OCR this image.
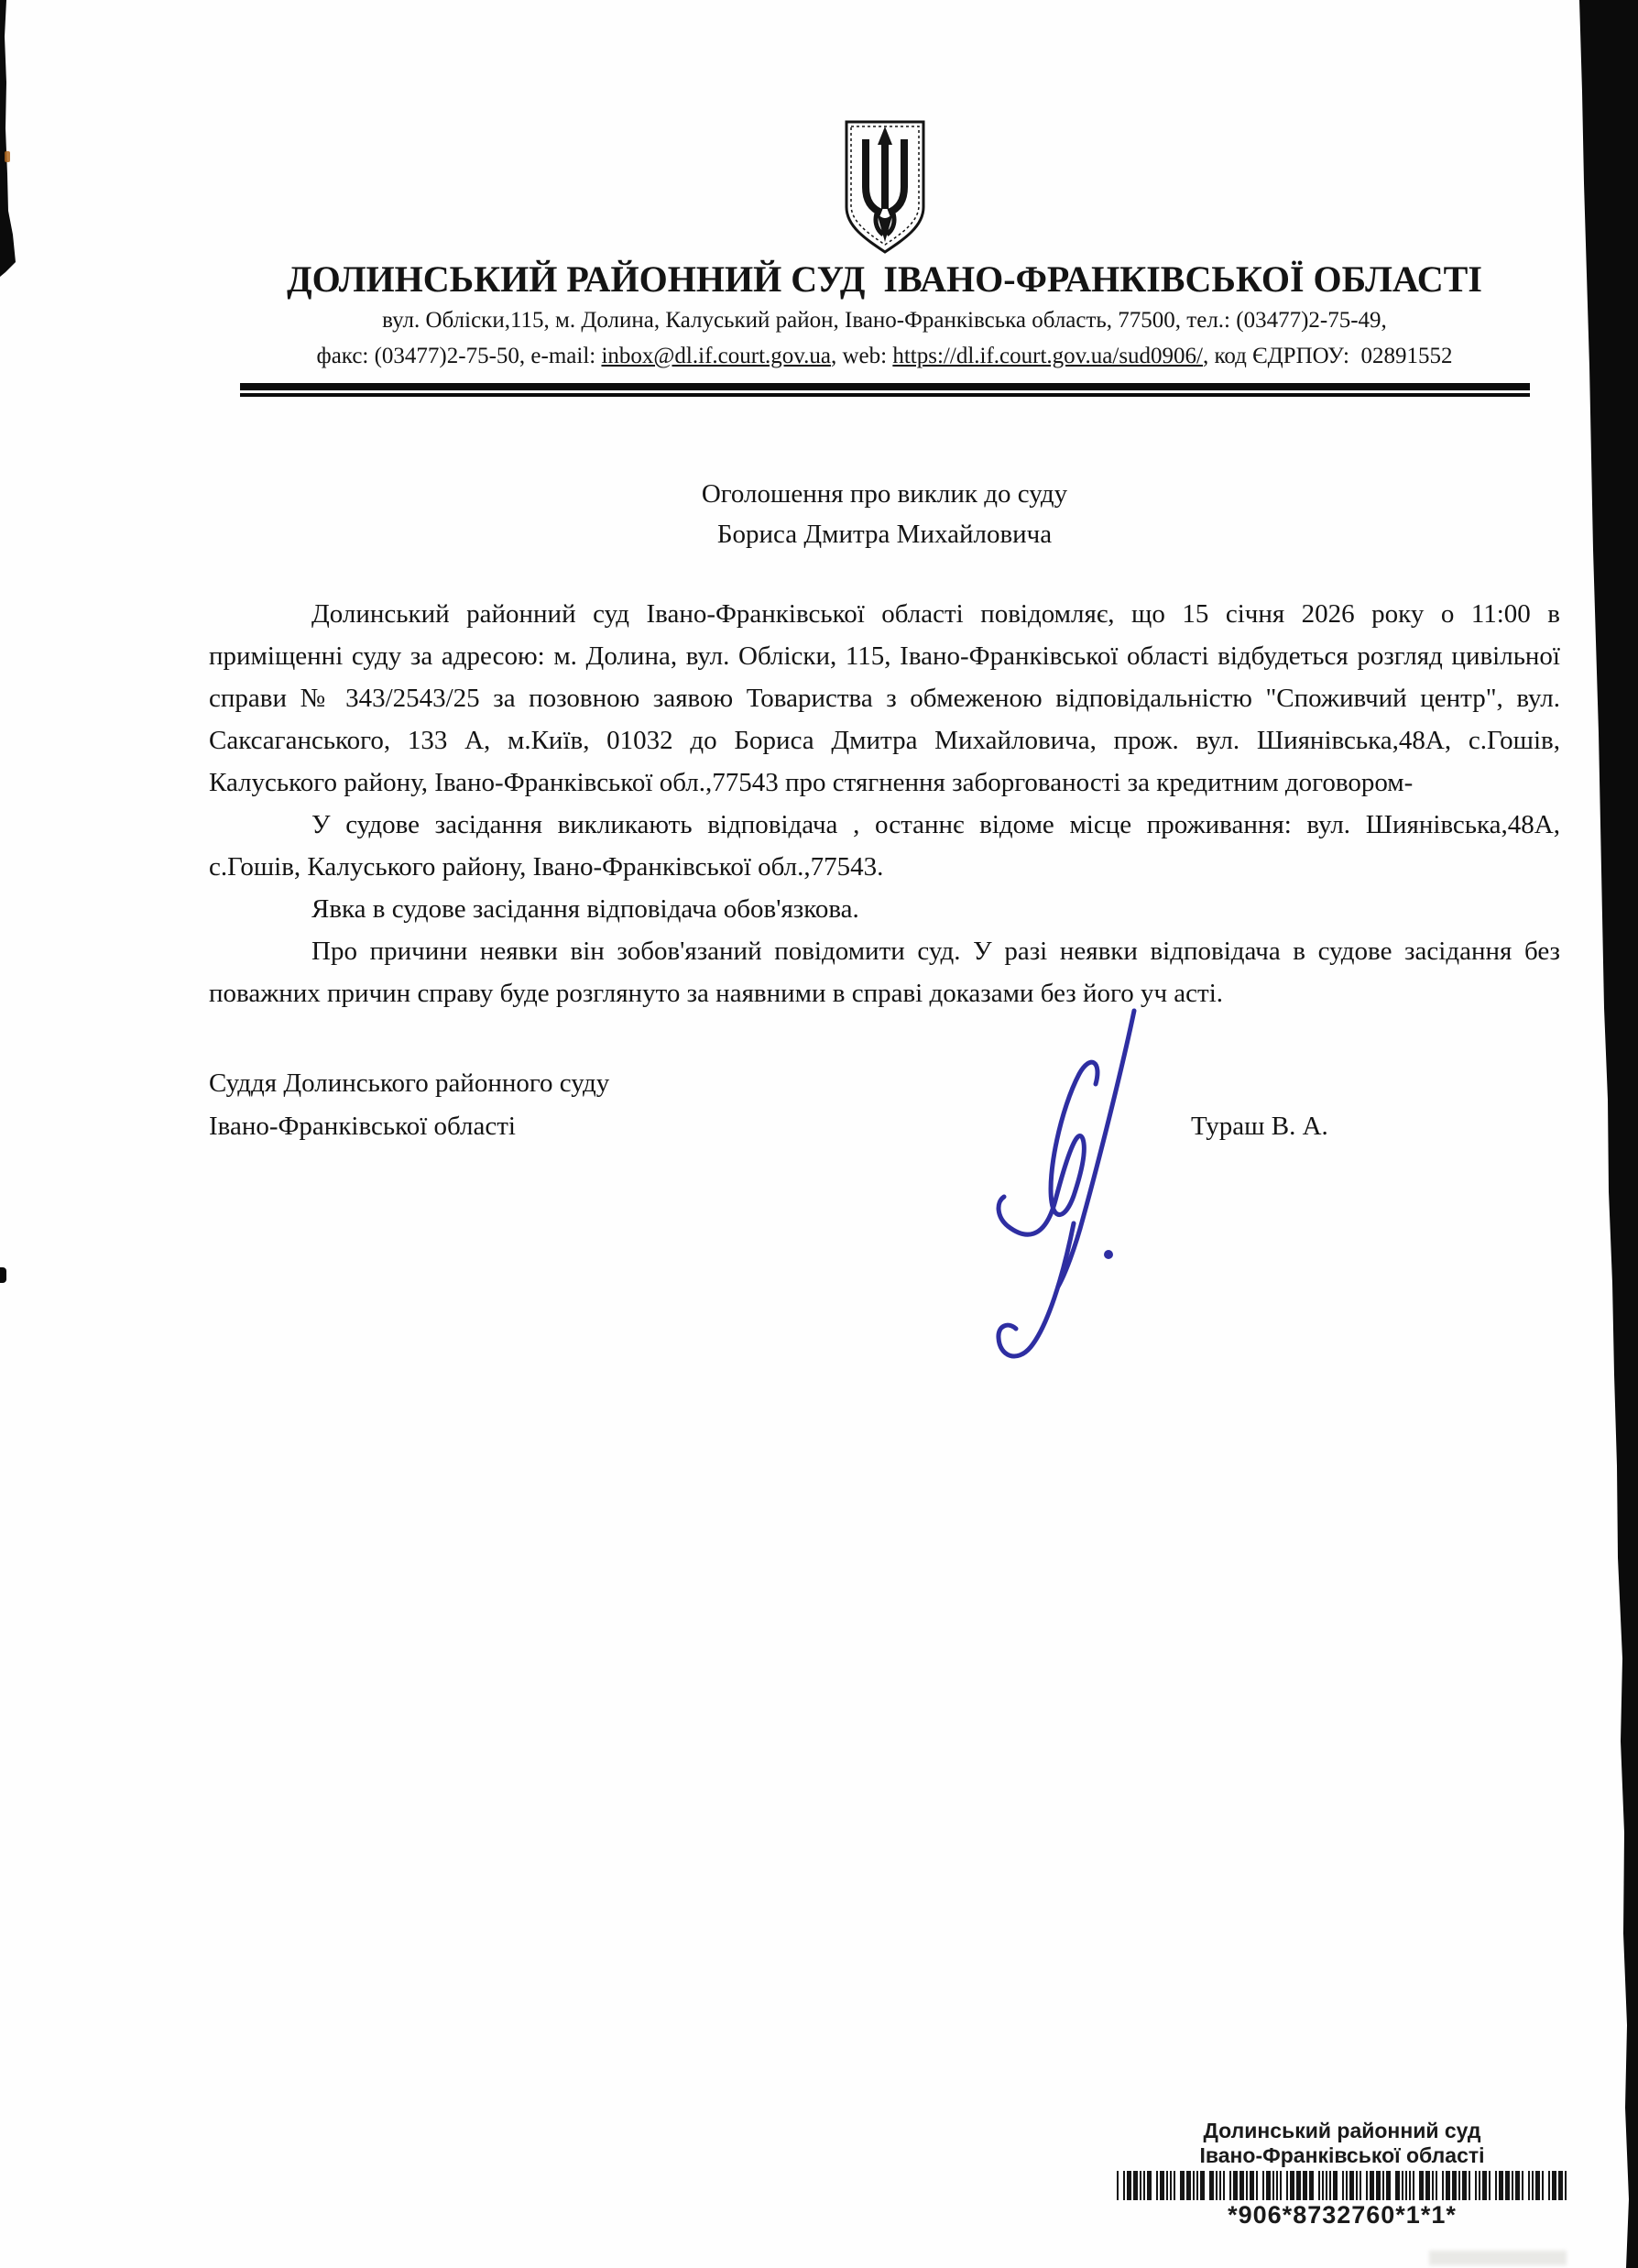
ДОЛИНСЬКИЙ РАЙОННИЙ СУД  ІВАНО-ФРАНКІВСЬКОЇ ОБЛАСТІ
вул. Обліски,115, м. Долина, Калуський район, Івано-Франківська область, 77500, тел.: (03477)2-75-49,
факс: (03477)2-75-50, e-mail: inbox@dl.if.court.gov.ua, web: https://dl.if.court.gov.ua/sud0906/, код ЄДРПОУ:  02891552
Оголошення про виклик до суду
Бориса Дмитра Михайловича

Долинський районний суд Івано-Франківської області повідомляє, що 15 січня 2026 року о 11:00 в приміщенні суду за адресою: м. Долина, вул. Обліски, 115, Івано-Франківської області відбудеться розгляд цивільної справи № 343/2543/25 за позовною заявою Товариства з обмеженою відповідальністю "Споживчий центр", вул. Саксаганського, 133 А, м.Київ, 01032 до Бориса Дмитра Михайловича, прож. вул. Шиянівська,48А, с.Гошів, Калуського району, Івано-Франківської обл.,77543 про стягнення заборгованості за кредитним договором-

У судове засідання викликають відповідача , останнє відоме місце проживання: вул. Шиянівська,48А, с.Гошів, Калуського району, Івано-Франківської обл.,77543.

Явка в судове засідання відповідача обов'язкова.

Про причини неявки він зобов'язаний повідомити суд. У разі неявки відповідача в судове засідання без поважних причин справу буде розглянуто за наявними в справі доказами без його уч асті.

Суддя Долинського районного суду
Івано-Франківської області	Тураш В. А.
Долинський районний суд
Івано-Франківської області
*906*8732760*1*1*
